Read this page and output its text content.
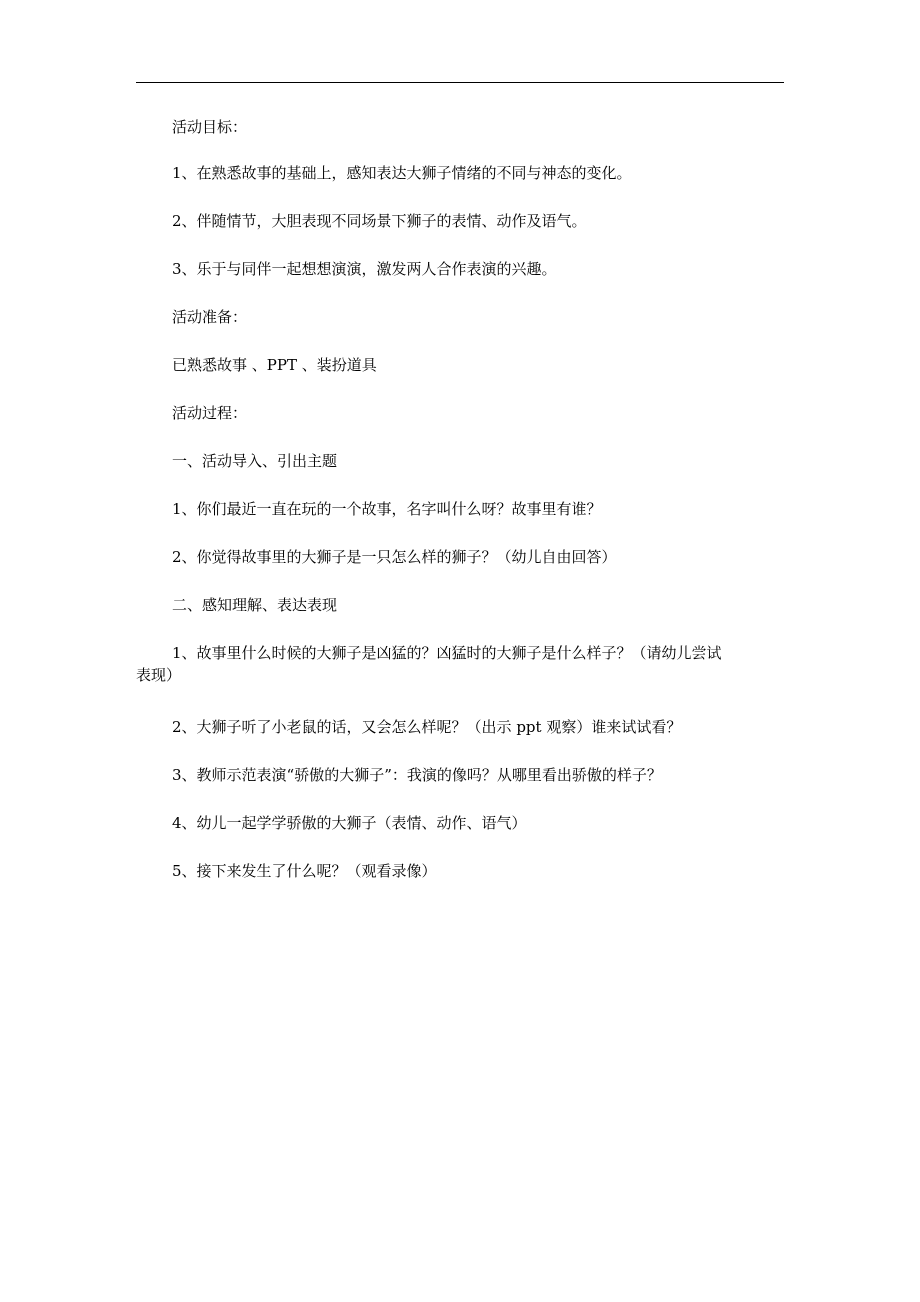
活动目标：
1、在熟悉故事的基础上，感知表达大狮子情绪的不同与神态的变化。
2、伴随情节，大胆表现不同场景下狮子的表情、动作及语气。
3、乐于与同伴一起想想演演，激发两人合作表演的兴趣。
活动准备：
已熟悉故事 、PPT 、装扮道具
活动过程：
一、活动导入、引出主题
1、你们最近一直在玩的一个故事，名字叫什么呀？故事里有谁？
2、你觉得故事里的大狮子是一只怎么样的狮子？（幼儿自由回答）
二、感知理解、表达表现
1、故事里什么时候的大狮子是凶猛的？凶猛时的大狮子是什么样子？（请幼儿尝试表现）
2、大狮子听了小老鼠的话，又会怎么样呢？（出示 ppt 观察）谁来试试看？
3、教师示范表演“骄傲的大狮子”：我演的像吗？从哪里看出骄傲的样子？
4、幼儿一起学学骄傲的大狮子（表情、动作、语气）
5、接下来发生了什么呢？（观看录像）
